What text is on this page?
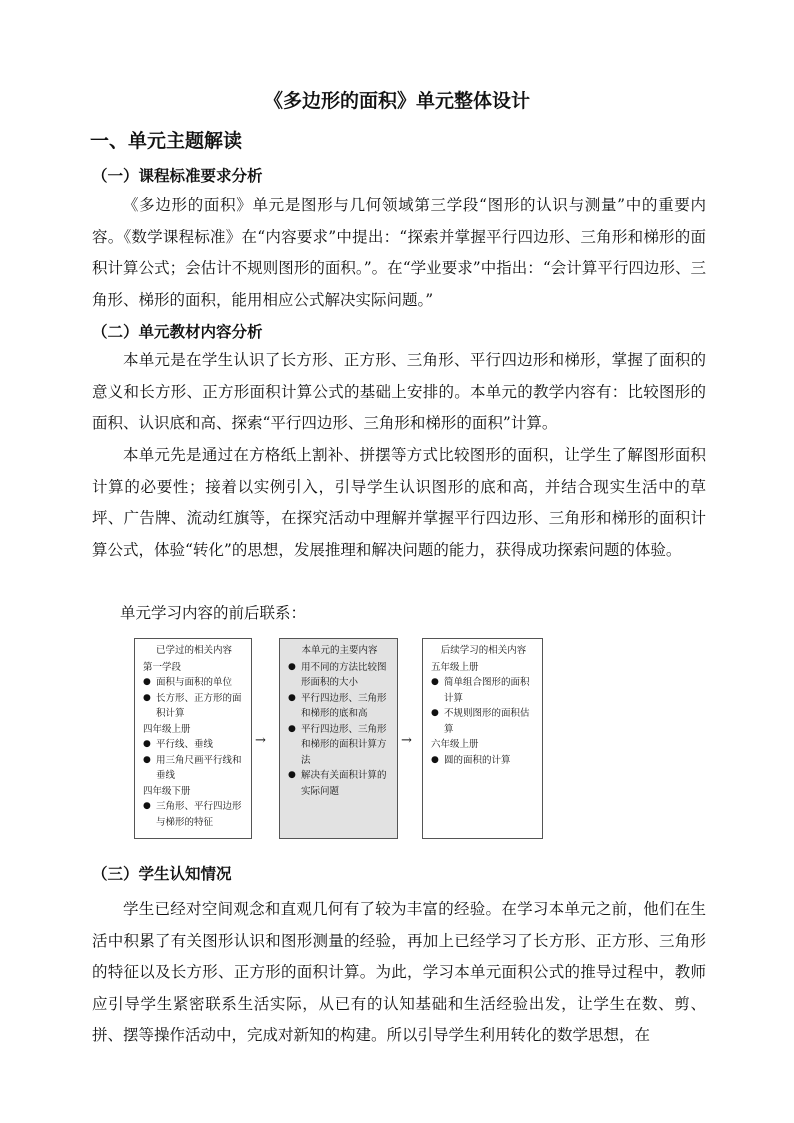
《多边形的面积》单元整体设计
一、单元主题解读
（一）课程标准要求分析

《多边形的面积》单元是图形与几何领域第三学段“图形的认识与测量”中的重要内容。《数学课程标准》在“内容要求”中提出：“探索并掌握平行四边形、三角形和梯形的面积计算公式；会估计不规则图形的面积。”。在“学业要求”中指出：“会计算平行四边形、三角形、梯形的面积，能用相应公式解决实际问题。”

（二）单元教材内容分析

本单元是在学生认识了长方形、正方形、三角形、平行四边形和梯形，掌握了面积的意义和长方形、正方形面积计算公式的基础上安排的。本单元的教学内容有：比较图形的面积、认识底和高、探索“平行四边形、三角形和梯形的面积”计算。

本单元先是通过在方格纸上割补、拼摆等方式比较图形的面积，让学生了解图形面积计算的必要性；接着以实例引入，引导学生认识图形的底和高，并结合现实生活中的草坪、广告牌、流动红旗等，在探究活动中理解并掌握平行四边形、三角形和梯形的面积计算公式，体验“转化”的思想，发展推理和解决问题的能力，获得成功探索问题的体验。

单元学习内容的前后联系：
已学过的相关内容
第一学段
● 面积与面积的单位
● 长方形、正方形的面积计算
四年级上册
● 平行线、垂线
● 用三角尺画平行线和垂线
四年级下册
● 三角形、平行四边形与梯形的特征
→
本单元的主要内容
● 用不同的方法比较图形面积的大小
● 平行四边形、三角形和梯形的底和高
● 平行四边形、三角形和梯形的面积计算方法
● 解决有关面积计算的实际问题
→
后续学习的相关内容
五年级上册
● 简单组合图形的面积计算
● 不规则图形的面积估算
六年级上册
● 圆的面积的计算
（三）学生认知情况

学生已经对空间观念和直观几何有了较为丰富的经验。在学习本单元之前，他们在生活中积累了有关图形认识和图形测量的经验，再加上已经学习了长方形、正方形、三角形的特征以及长方形、正方形的面积计算。为此，学习本单元面积公式的推导过程中，教师应引导学生紧密联系生活实际，从已有的认知基础和生活经验出发，让学生在数、剪、拼、摆等操作活动中，完成对新知的构建。所以引导学生利用转化的数学思想，在
